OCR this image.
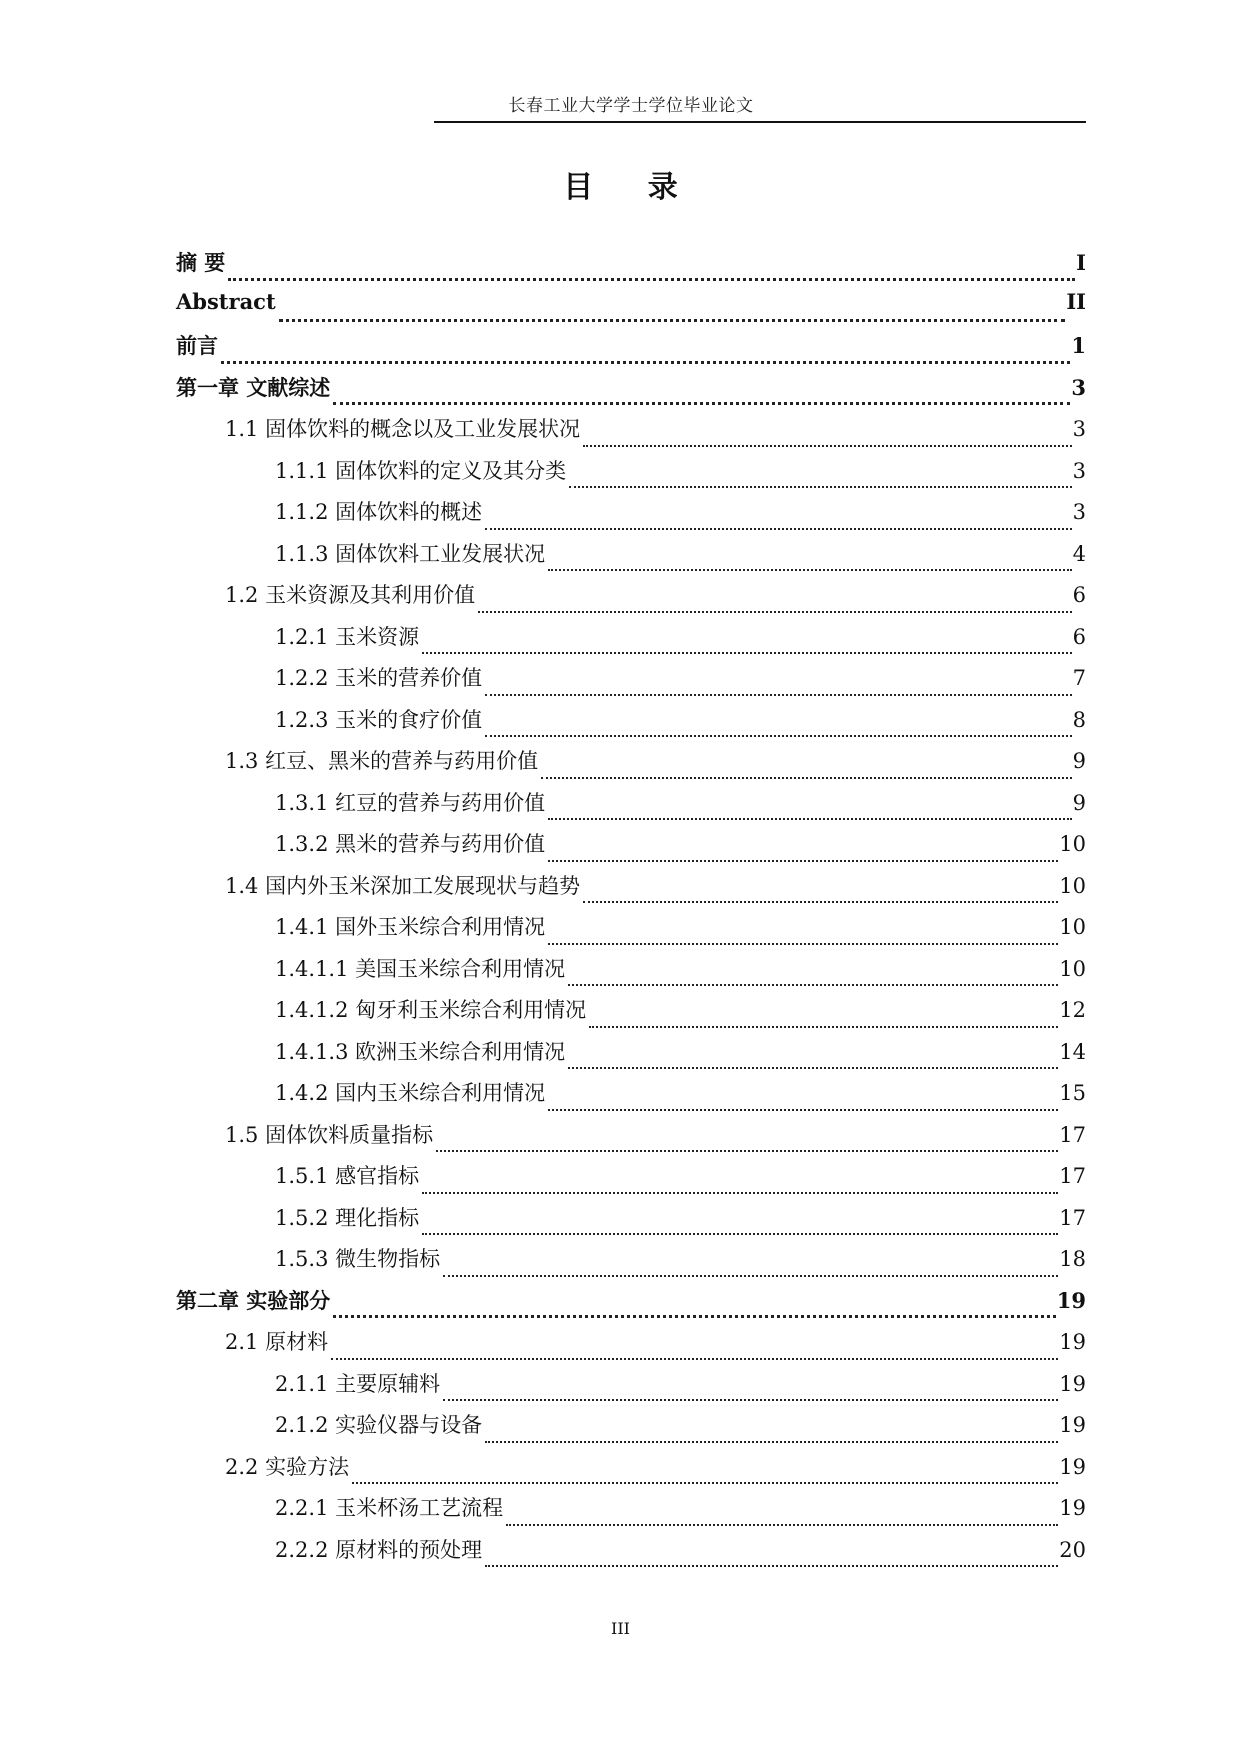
长春工业大学学士学位毕业论文
目 录
摘 要	I
Abstract	II
前言	1
第一章 文献综述	3
1.1 固体饮料的概念以及工业发展状况	3
1.1.1 固体饮料的定义及其分类	3
1.1.2 固体饮料的概述	3
1.1.3 固体饮料工业发展状况	4
1.2 玉米资源及其利用价值	6
1.2.1 玉米资源	6
1.2.2 玉米的营养价值	7
1.2.3 玉米的食疗价值	8
1.3 红豆、黑米的营养与药用价值	9
1.3.1 红豆的营养与药用价值	9
1.3.2 黑米的营养与药用价值	10
1.4 国内外玉米深加工发展现状与趋势	10
1.4.1 国外玉米综合利用情况	10
1.4.1.1 美国玉米综合利用情况	10
1.4.1.2 匈牙利玉米综合利用情况	12
1.4.1.3 欧洲玉米综合利用情况	14
1.4.2 国内玉米综合利用情况	15
1.5 固体饮料质量指标	17
1.5.1 感官指标	17
1.5.2 理化指标	17
1.5.3 微生物指标	18
第二章 实验部分	19
2.1 原材料	19
2.1.1 主要原辅料	19
2.1.2 实验仪器与设备	19
2.2 实验方法	19
2.2.1 玉米杯汤工艺流程	19
2.2.2 原材料的预处理	20
III
